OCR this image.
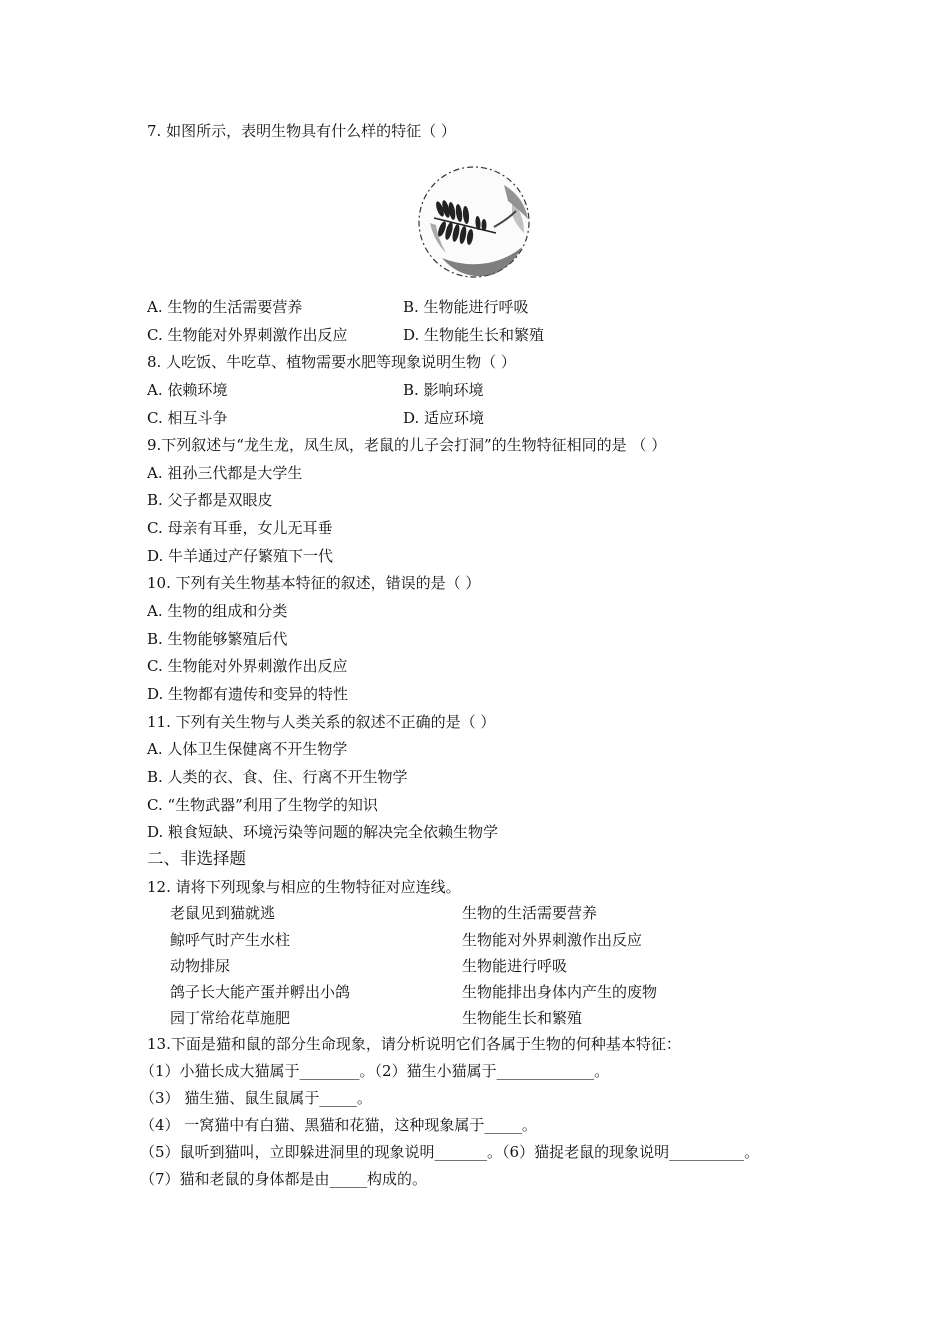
7. 如图所示，表明生物具有什么样的特征（ ）
A. 生物的生活需要营养	B. 生物能进行呼吸
C. 生物能对外界刺激作出反应	D. 生物能生长和繁殖
8. 人吃饭、牛吃草、植物需要水肥等现象说明生物（ ）
A. 依赖环境	B. 影响环境
C. 相互斗争	D. 适应环境
9.下列叙述与“龙生龙，凤生凤，老鼠的儿子会打洞”的生物特征相同的是 （ ）
A. 祖孙三代都是大学生
B. 父子都是双眼皮
C. 母亲有耳垂，女儿无耳垂
D. 牛羊通过产仔繁殖下一代
10. 下列有关生物基本特征的叙述，错误的是（ ）
A. 生物的组成和分类
B. 生物能够繁殖后代
C. 生物能对外界刺激作出反应
D. 生物都有遗传和变异的特性
11. 下列有关生物与人类关系的叙述不正确的是（ ）
A. 人体卫生保健离不开生物学
B. 人类的衣、食、住、行离不开生物学
C. “生物武器”利用了生物学的知识
D. 粮食短缺、环境污染等问题的解决完全依赖生物学
二、非选择题
12. 请将下列现象与相应的生物特征对应连线。
老鼠见到猫就逃	生物的生活需要营养
鲸呼气时产生水柱	生物能对外界刺激作出反应
动物排尿	生物能进行呼吸
鸽子长大能产蛋并孵出小鸽	生物能排出身体内产生的废物
园丁常给花草施肥	生物能生长和繁殖
13.下面是猫和鼠的部分生命现象，请分析说明它们各属于生物的何种基本特征：
（1）小猫长成大猫属于________。（2）猫生小猫属于_____________。
（3） 猫生猫、鼠生鼠属于_____。
（4） 一窝猫中有白猫、黑猫和花猫，这种现象属于_____。
（5）鼠听到猫叫，立即躲进洞里的现象说明_______。（6）猫捉老鼠的现象说明__________。
（7）猫和老鼠的身体都是由_____构成的。
